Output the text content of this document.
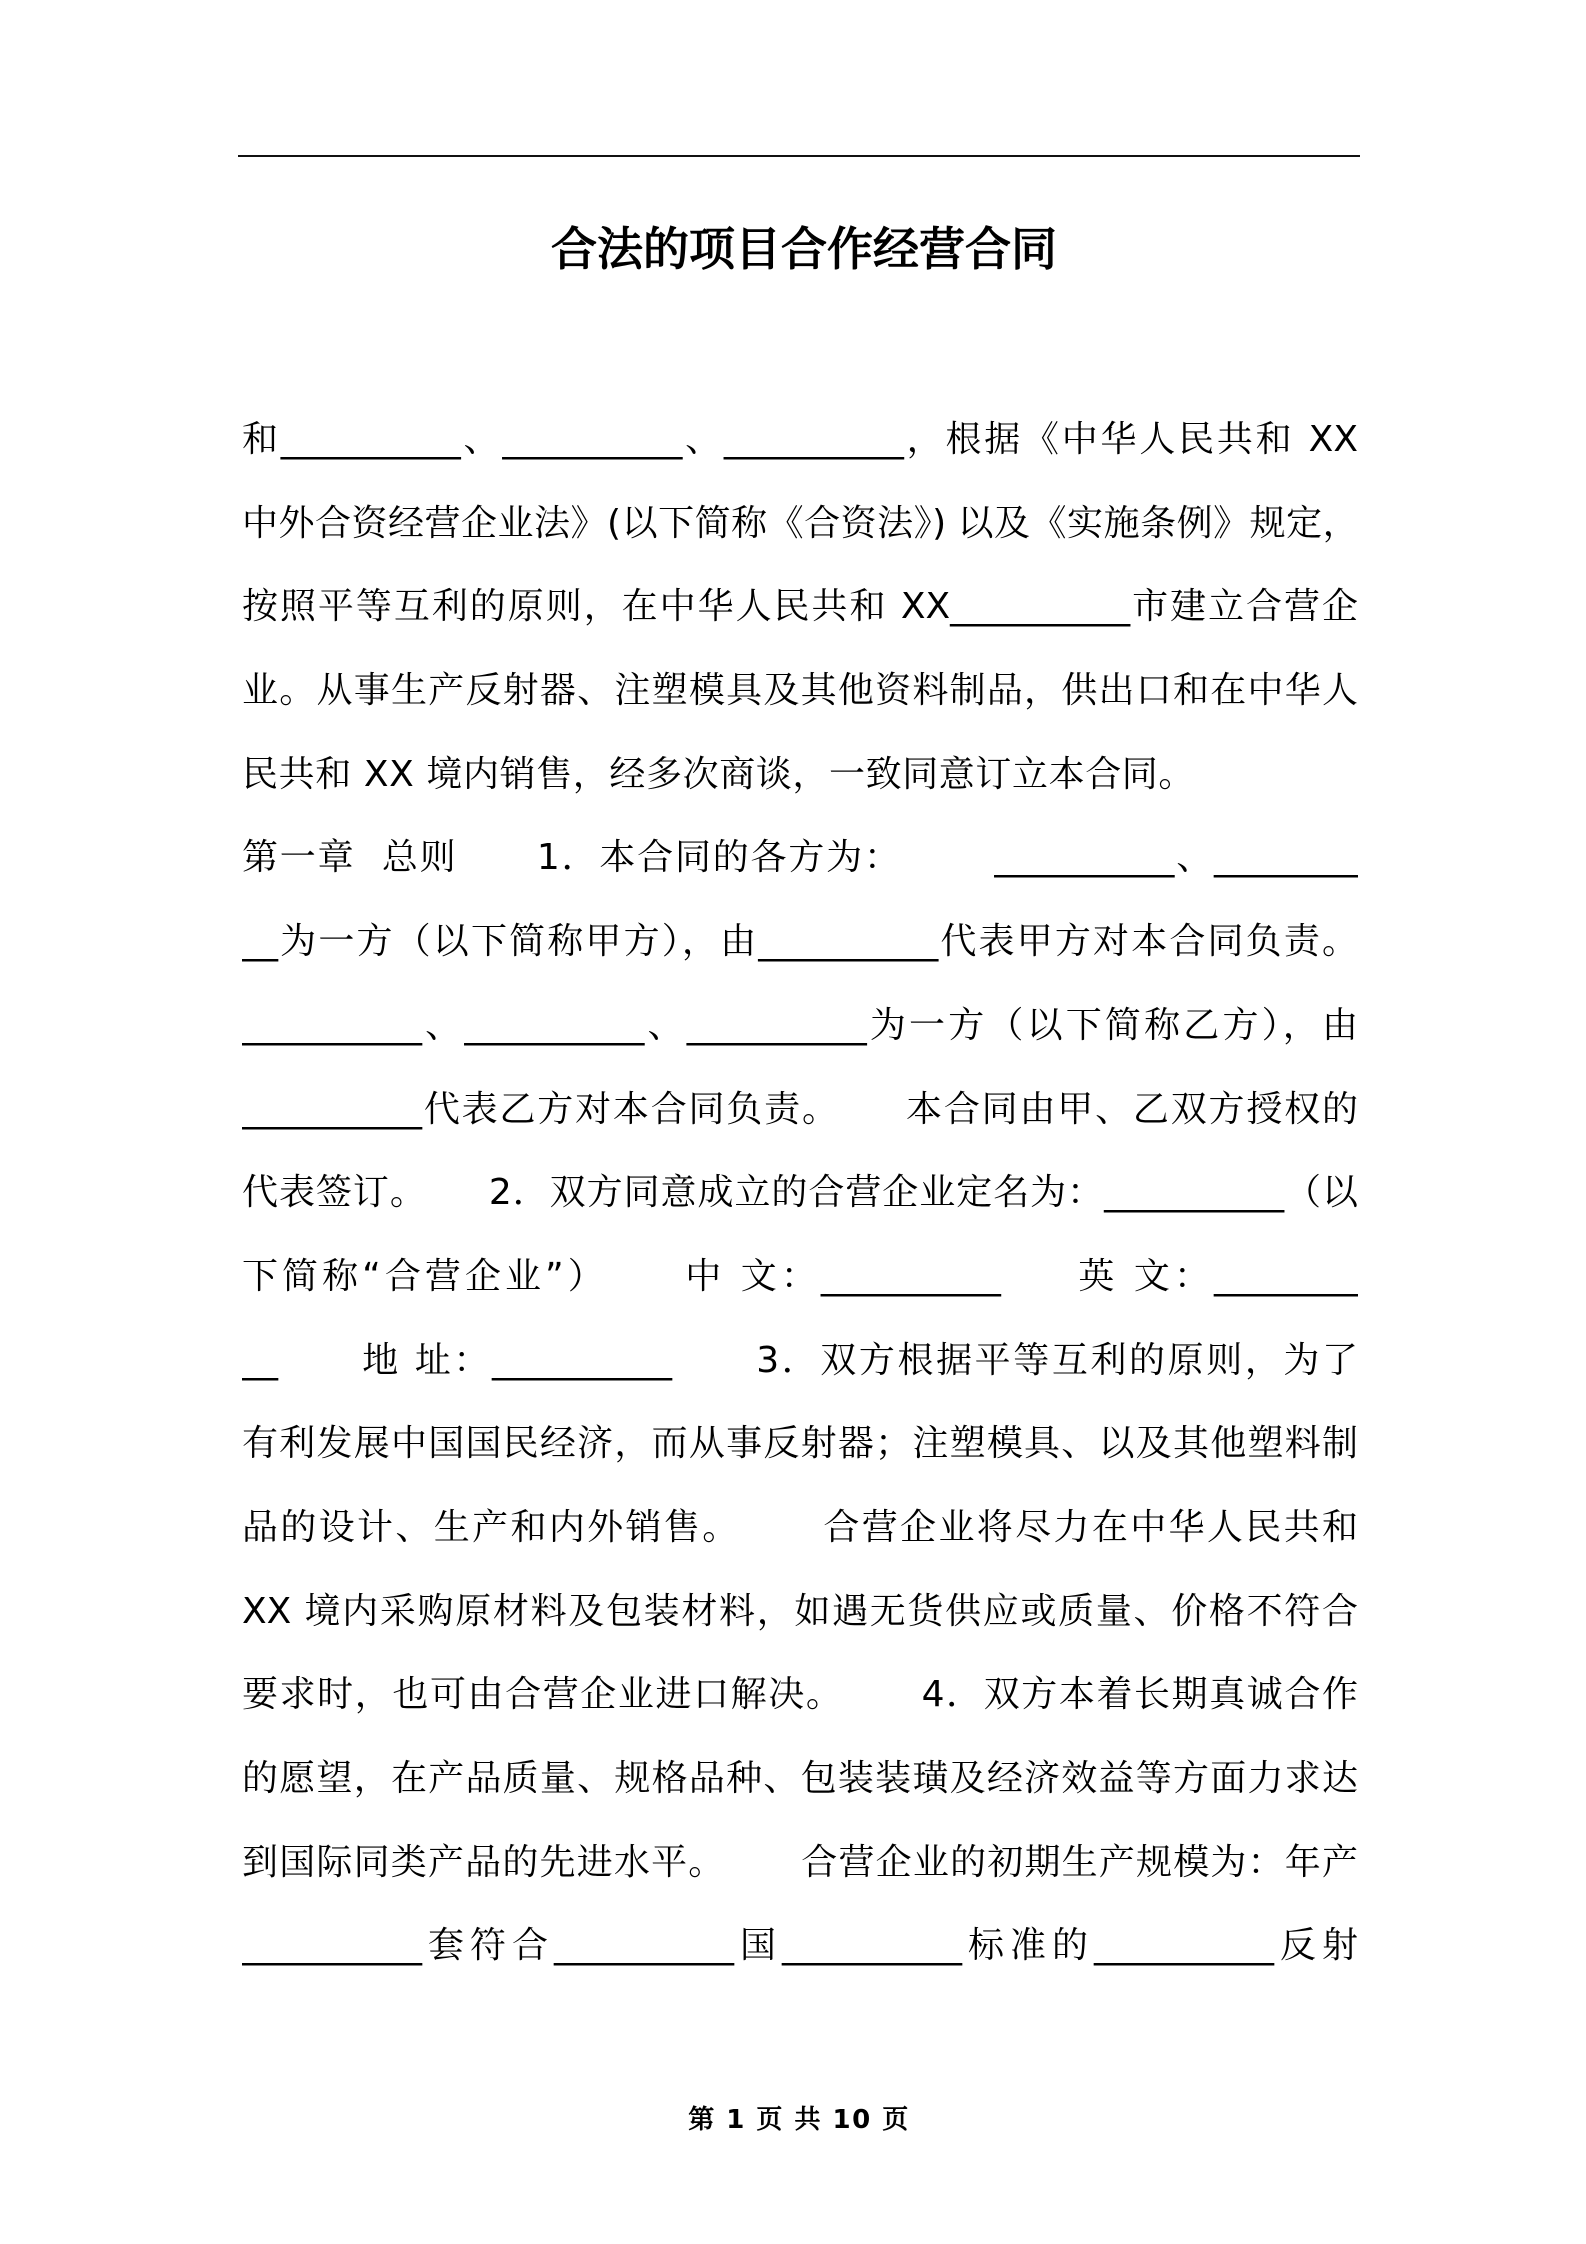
合法的项目合作经营合同
和__________、__________、__________，根据《中华人民共和 XX
中外合资经营企业法》(以下简称《合资法》) 以及《实施条例》规定，
按照平等互利的原则，在中华人民共和 XX__________市建立合营企
业。从事生产反射器、注塑模具及其他资料制品，供出口和在中华人
民共和 XX 境内销售，经多次商谈，一致同意订立本合同。
第一章  总则      1．本合同的各方为：       __________、________
__为一方（以下简称甲方），由__________代表甲方对本合同负责。
__________、__________、__________为一方（以下简称乙方），由
__________代表乙方对本合同负责。     本合同由甲、乙双方授权的
代表签订。     2．双方同意成立的合营企业定名为：__________（以
下简称“合营企业”）     中 文：__________     英 文：________
__      地 址：__________      3．双方根据平等互利的原则，为了
有利发展中国国民经济，而从事反射器；注塑模具、以及其他塑料制
品的设计、生产和内外销售。      合营企业将尽力在中华人民共和
XX 境内采购原材料及包装材料，如遇无货供应或质量、价格不符合
要求时，也可由合营企业进口解决。      4．双方本着长期真诚合作
的愿望，在产品质量、规格品种、包装装璜及经济效益等方面力求达
到国际同类产品的先进水平。      合营企业的初期生产规模为：年产
__________套符合__________国__________标准的__________反射
第 1 页 共 10 页
